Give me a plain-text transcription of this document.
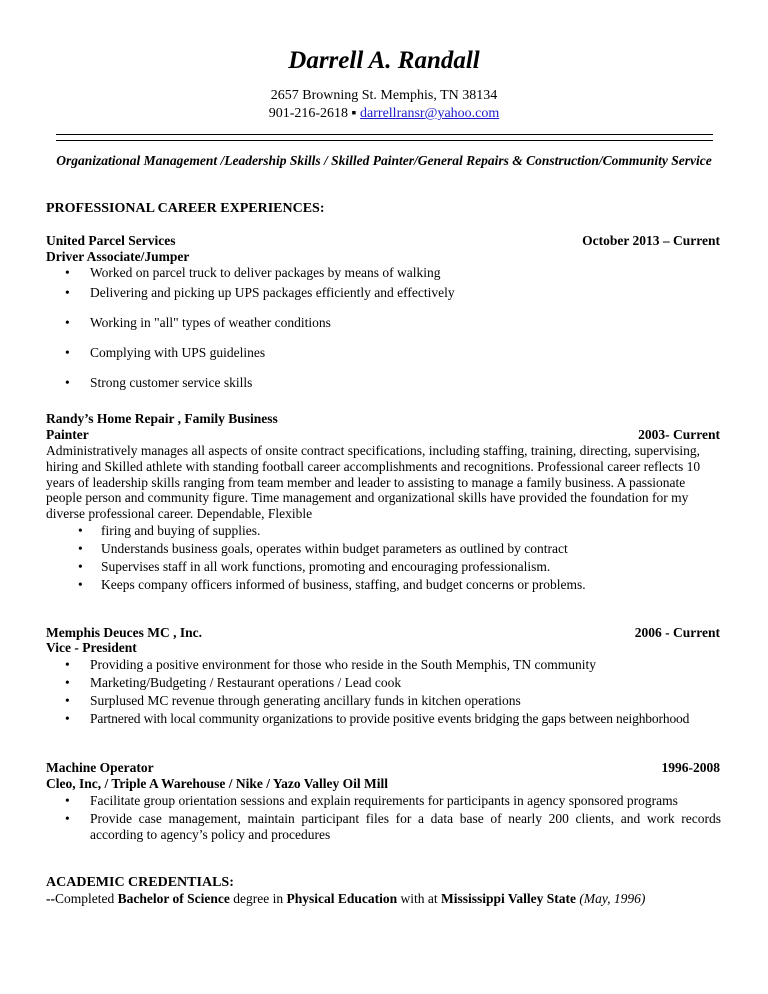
Darrell A. Randall
2657 Browning St. Memphis, TN 38134
901-216-2618 ▪ darrellransr@yahoo.com
Organizational Management /Leadership Skills / Skilled Painter/General Repairs & Construction/Community Service
PROFESSIONAL CAREER EXPERIENCES:
United Parcel Services	October 2013 – Current
Driver Associate/Jumper
• Worked on parcel truck to deliver packages by means of walking
• Delivering and picking up UPS packages efficiently and effectively
• Working in "all" types of weather conditions
• Complying with UPS guidelines
• Strong customer service skills
Randy’s Home Repair , Family Business
Painter	2003- Current
Administratively manages all aspects of onsite contract specifications, including staffing, training, directing, supervising, hiring and Skilled athlete with standing football career accomplishments and recognitions. Professional career reflects 10 years of leadership skills ranging from team member and leader to assisting to manage a family business. A passionate people person and community figure. Time management and organizational skills have provided the foundation for my diverse professional career. Dependable, Flexible
• firing and buying of supplies.
• Understands business goals, operates within budget parameters as outlined by contract
• Supervises staff in all work functions, promoting and encouraging professionalism.
• Keeps company officers informed of business, staffing, and budget concerns or problems.
Memphis Deuces MC , Inc.	2006 - Current
Vice - President
• Providing a positive environment for those who reside in the South Memphis, TN community
• Marketing/Budgeting / Restaurant operations / Lead cook
• Surplused MC revenue through generating ancillary funds in kitchen operations
• Partnered with local community organizations to provide positive events bridging the gaps between neighborhood
Machine Operator	1996-2008
Cleo, Inc, / Triple A Warehouse / Nike / Yazo Valley Oil Mill
• Facilitate group orientation sessions and explain requirements for participants in agency sponsored programs
• Provide case management, maintain participant files for a data base of nearly 200 clients, and work records according to agency’s policy and procedures
ACADEMIC CREDENTIALS:
--Completed Bachelor of Science degree in Physical Education with at Mississippi Valley State (May, 1996)
